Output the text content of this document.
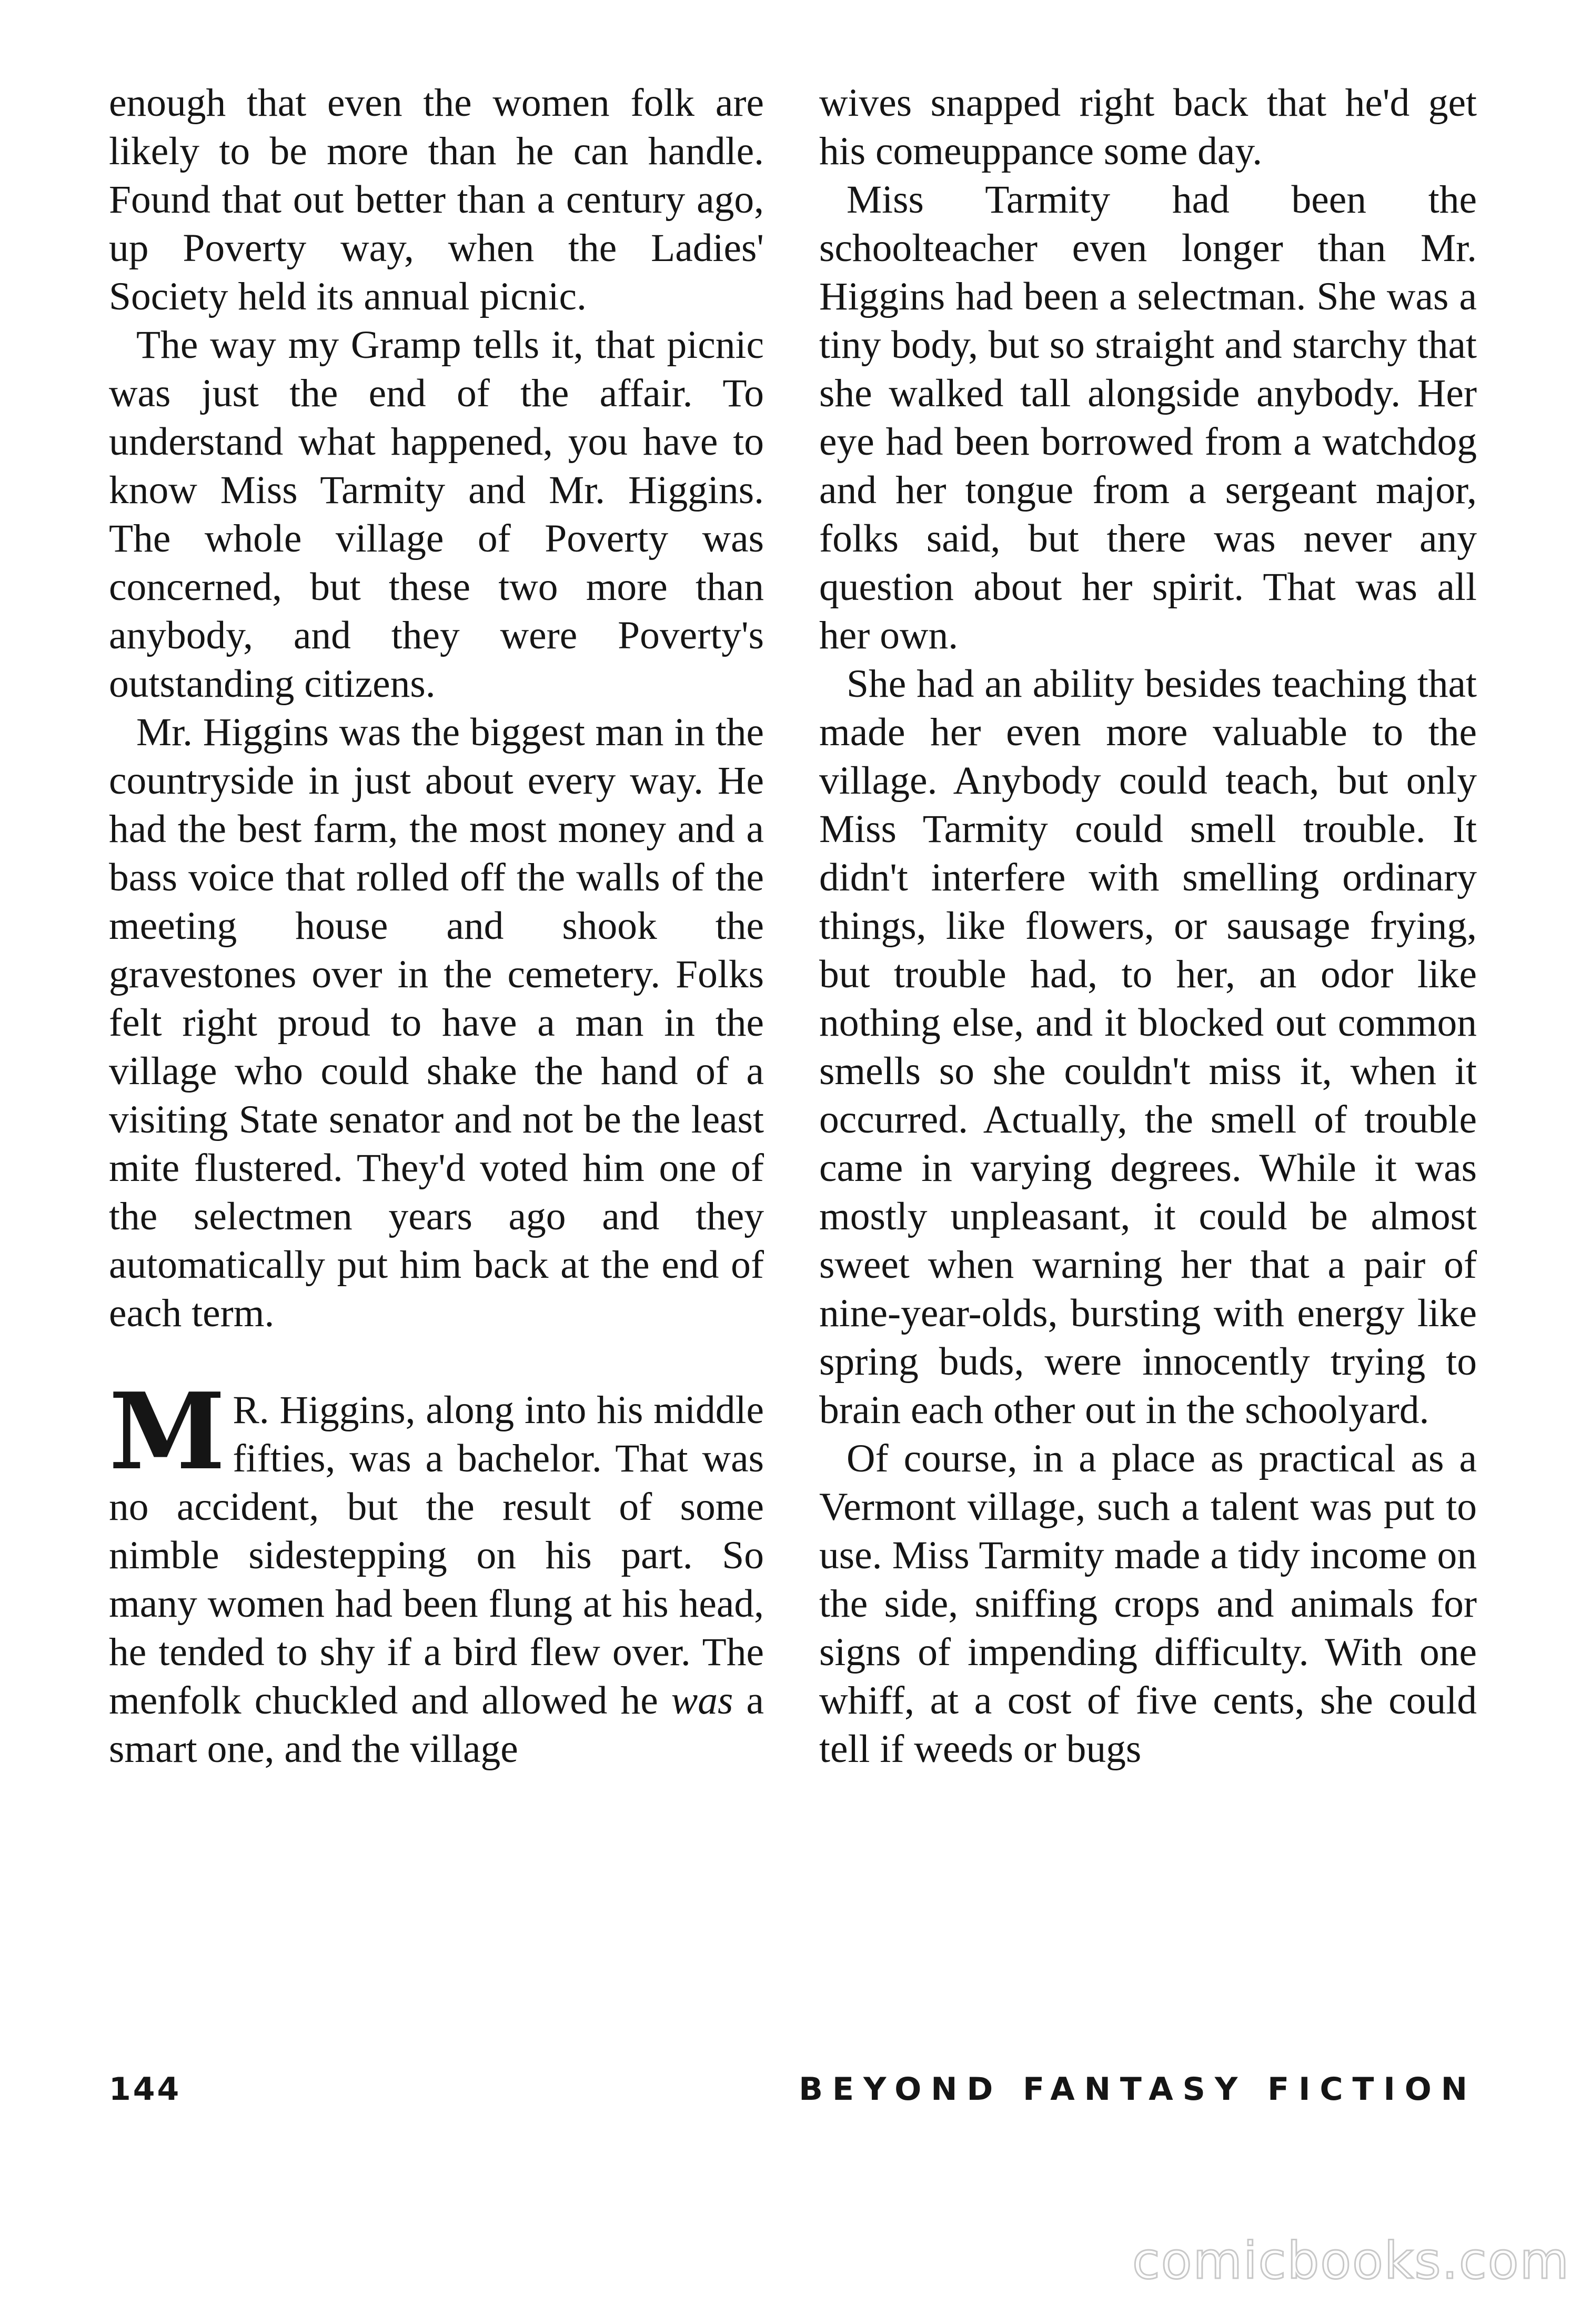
enough that even the women folk are likely to be more than he can handle. Found that out better than a century ago, up Poverty way, when the Ladies' Society held its annual picnic.

The way my Gramp tells it, that picnic was just the end of the affair. To understand what happened, you have to know Miss Tarmity and Mr. Higgins. The whole village of Poverty was concerned, but these two more than anybody, and they were Poverty's outstanding citizens.

Mr. Higgins was the biggest man in the countryside in just about every way. He had the best farm, the most money and a bass voice that rolled off the walls of the meeting house and shook the gravestones over in the cemetery. Folks felt right proud to have a man in the village who could shake the hand of a visiting State senator and not be the least mite flustered. They'd voted him one of the selectmen years ago and they automatically put him back at the end of each term.

M R. Higgins, along into his middle fifties, was a bachelor. That was no accident, but the result of some nimble sidestepping on his part. So many women had been flung at his head, he tended to shy if a bird flew over. The menfolk chuckled and allowed he was a smart one, and the village

wives snapped right back that he'd get his comeuppance some day.

Miss Tarmity had been the schoolteacher even longer than Mr. Higgins had been a selectman. She was a tiny body, but so straight and starchy that she walked tall alongside anybody. Her eye had been borrowed from a watchdog and her tongue from a sergeant major, folks said, but there was never any question about her spirit. That was all her own.

She had an ability besides teaching that made her even more valuable to the village. Anybody could teach, but only Miss Tarmity could smell trouble. It didn't interfere with smelling ordinary things, like flowers, or sausage frying, but trouble had, to her, an odor like nothing else, and it blocked out common smells so she couldn't miss it, when it occurred. Actually, the smell of trouble came in varying degrees. While it was mostly unpleasant, it could be almost sweet when warning her that a pair of nine-year-olds, bursting with energy like spring buds, were innocently trying to brain each other out in the schoolyard.

Of course, in a place as practical as a Vermont village, such a talent was put to use. Miss Tarmity made a tidy income on the side, sniffing crops and animals for signs of impending difficulty. With one whiff, at a cost of five cents, she could tell if weeds or bugs

144	BEYOND FANTASY FICTION
comicbooks.com
